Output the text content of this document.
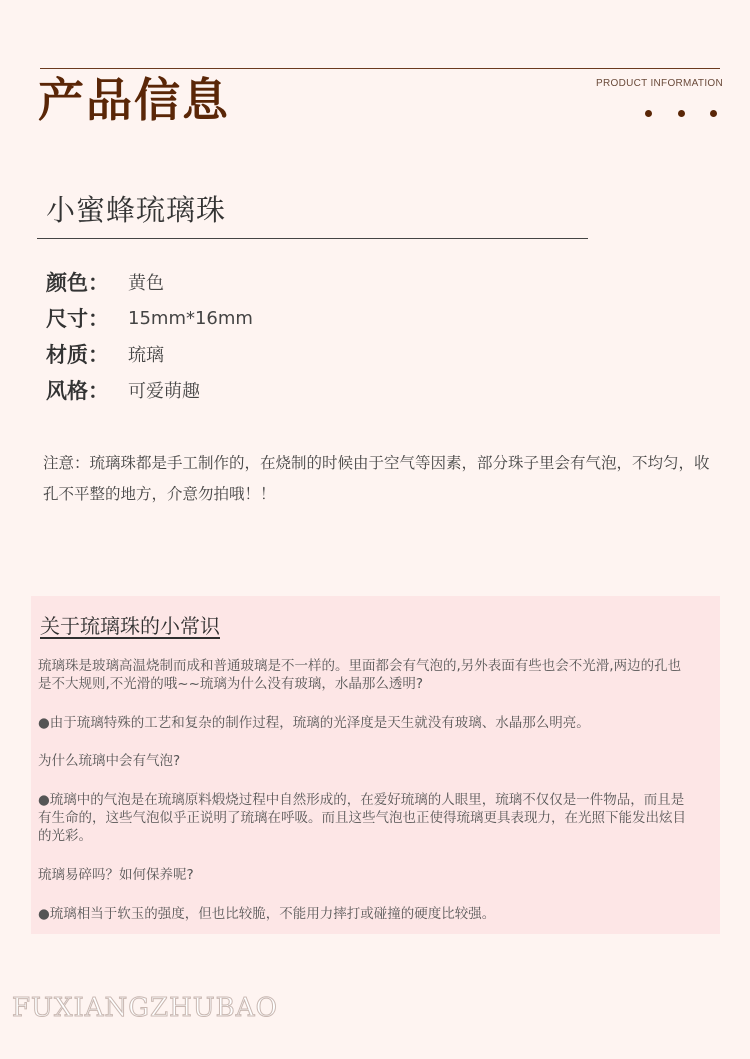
产品信息	PRODUCT INFORMATION
小蜜蜂琉璃珠
颜色：	黄色
尺寸：	15mm*16mm
材质：	琉璃
风格：	可爱萌趣
注意：琉璃珠都是手工制作的，在烧制的时候由于空气等因素，部分珠子里会有气泡，不均匀，收孔不平整的地方，介意勿拍哦！！
关于琉璃珠的小常识
琉璃珠是玻璃高温烧制而成和普通玻璃是不一样的。里面都会有气泡的,另外表面有些也会不光滑,两边的孔也是不大规则,不光滑的哦~~琉璃为什么没有玻璃，水晶那么透明?
●由于琉璃特殊的工艺和复杂的制作过程，琉璃的光泽度是天生就没有玻璃、水晶那么明亮。
为什么琉璃中会有气泡?
●琉璃中的气泡是在琉璃原料煅烧过程中自然形成的，在爱好琉璃的人眼里，琉璃不仅仅是一件物品，而且是有生命的，这些气泡似乎正说明了琉璃在呼吸。而且这些气泡也正使得琉璃更具表现力，在光照下能发出炫目的光彩。
琉璃易碎吗？如何保养呢?
●琉璃相当于软玉的强度，但也比较脆，不能用力摔打或碰撞的硬度比较强。
FUXIANGZHUBAO
